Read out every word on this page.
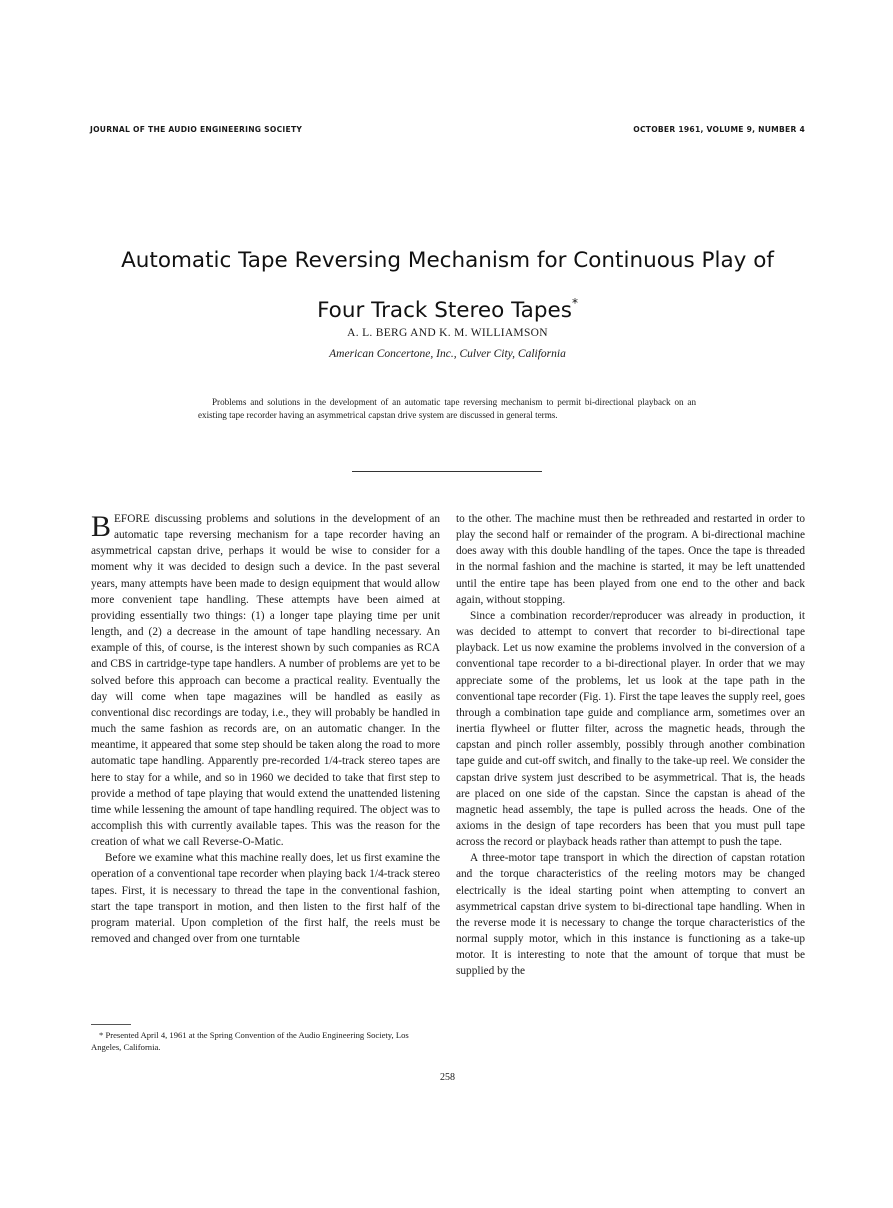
JOURNAL OF THE AUDIO ENGINEERING SOCIETY	OCTOBER 1961, VOLUME 9, NUMBER 4
Automatic Tape Reversing Mechanism for Continuous Play of
Four Track Stereo Tapes*
A. L. BERG AND K. M. WILLIAMSON
American Concertone, Inc., Culver City, California
Problems and solutions in the development of an automatic tape reversing mechanism to permit bi-directional playback on an existing tape recorder having an asymmetrical capstan drive system are discussed in general terms.

BEFORE discussing problems and solutions in the development of an automatic tape reversing mechanism for a tape recorder having an asymmetrical capstan drive, perhaps it would be wise to consider for a moment why it was decided to design such a device. In the past several years, many attempts have been made to design equipment that would allow more convenient tape handling. These attempts have been aimed at providing essentially two things: (1) a longer tape playing time per unit length, and (2) a decrease in the amount of tape handling necessary. An example of this, of course, is the interest shown by such companies as RCA and CBS in cartridge-type tape handlers. A number of problems are yet to be solved before this approach can become a practical reality. Eventually the day will come when tape magazines will be handled as easily as conventional disc recordings are today, i.e., they will probably be handled in much the same fashion as records are, on an automatic changer. In the meantime, it appeared that some step should be taken along the road to more automatic tape handling. Apparently pre-recorded 1/4-track stereo tapes are here to stay for a while, and so in 1960 we decided to take that first step to provide a method of tape playing that would extend the unattended listening time while lessening the amount of tape handling required. The object was to accomplish this with currently available tapes. This was the reason for the creation of what we call Reverse-O-Matic.

Before we examine what this machine really does, let us first examine the operation of a conventional tape recorder when playing back 1/4-track stereo tapes. First, it is necessary to thread the tape in the conventional fashion, start the tape transport in motion, and then listen to the first half of the program material. Upon completion of the first half, the reels must be removed and changed over from one turntable

to the other. The machine must then be rethreaded and restarted in order to play the second half or remainder of the program. A bi-directional machine does away with this double handling of the tapes. Once the tape is threaded in the normal fashion and the machine is started, it may be left unattended until the entire tape has been played from one end to the other and back again, without stopping.

Since a combination recorder/reproducer was already in production, it was decided to attempt to convert that recorder to bi-directional tape playback. Let us now examine the problems involved in the conversion of a conventional tape recorder to a bi-directional player. In order that we may appreciate some of the problems, let us look at the tape path in the conventional tape recorder (Fig. 1). First the tape leaves the supply reel, goes through a combination tape guide and compliance arm, sometimes over an inertia flywheel or flutter filter, across the magnetic heads, through the capstan and pinch roller assembly, possibly through another combination tape guide and cut-off switch, and finally to the take-up reel. We consider the capstan drive system just described to be asymmetrical. That is, the heads are placed on one side of the capstan. Since the capstan is ahead of the magnetic head assembly, the tape is pulled across the heads. One of the axioms in the design of tape recorders has been that you must pull tape across the record or playback heads rather than attempt to push the tape.

A three-motor tape transport in which the direction of capstan rotation and the torque characteristics of the reeling motors may be changed electrically is the ideal starting point when attempting to convert an asymmetrical capstan drive system to bi-directional tape handling. When in the reverse mode it is necessary to change the torque characteristics of the normal supply motor, which in this instance is functioning as a take-up motor. It is interesting to note that the amount of torque that must be supplied by the

* Presented April 4, 1961 at the Spring Convention of the Audio Engineering Society, Los Angeles, California.
258
